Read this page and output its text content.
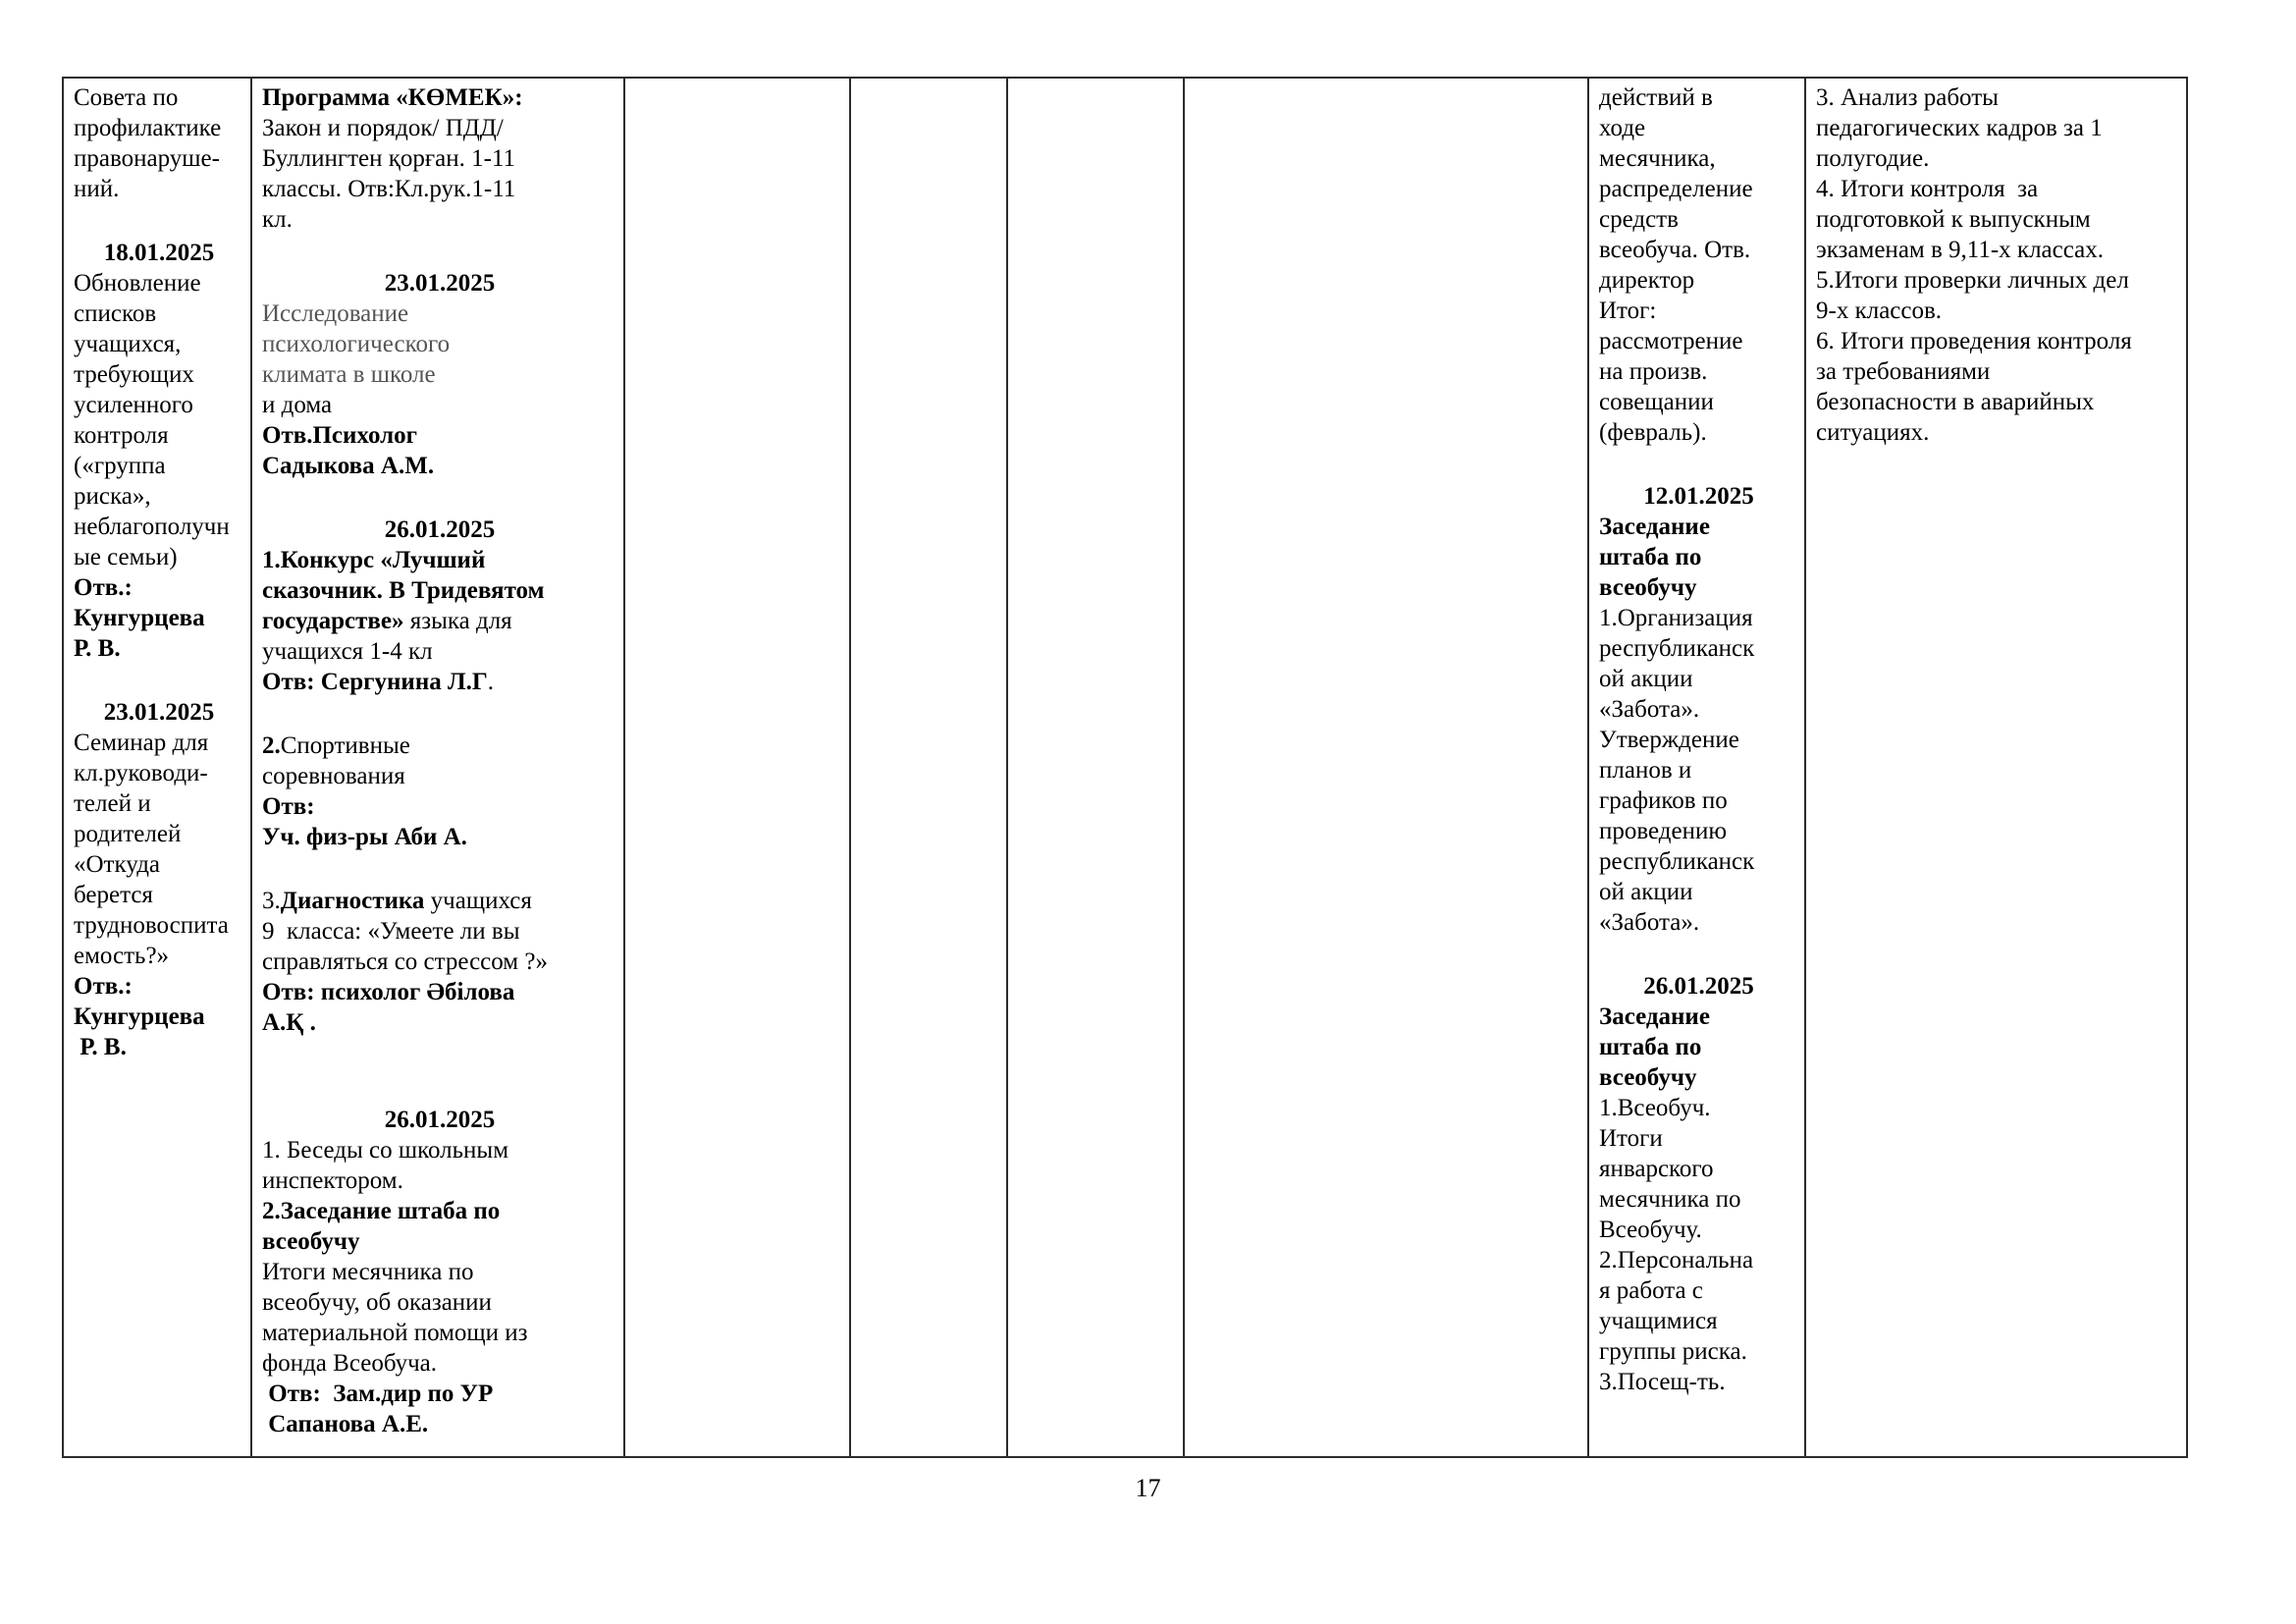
Совета по
профилактике
правонаруше-
ний.
18.01.2025
Обновление
списков
учащихся,
требующих
усиленного
контроля
(«группа
риска»,
неблагополучн
ые семьи)
Отв.:
Кунгурцева
Р. В.
23.01.2025
Семинар для
кл.руководи-
телей и
родителей
«Откуда
берется
трудновоспита
емость?»
Отв.:
Кунгурцева
Р. В.
Программа «КӨМЕК»:
Закон и порядок/ ПДД/
Буллингтен қорған. 1-11
классы. Отв:Кл.рук.1-11
кл.
23.01.2025
Исследование
психологического
климата в школе
и дома
Отв.Психолог
Садыкова А.М.
26.01.2025
1.Конкурс «Лучший
сказочник. В Тридевятом
государстве» языка для
учащихся 1-4 кл
Отв: Сергунина Л.Г.
2.Спортивные
соревнования
Отв:
Уч. физ-ры Аби А.
3.Диагностика учащихся
9  класса: «Умеете ли вы
справляться со стрессом ?»
Отв: психолог Әбілова
А.Қ .
26.01.2025
1. Беседы со школьным
инспектором.
2.Заседание штаба по
всеобучу
Итоги месячника по
всеобучу, об оказании
материальной помощи из
фонда Всеобуча.
Отв:  Зам.дир по УР
Сапанова А.Е.
действий в
ходе
месячника,
распределение
средств
всеобуча. Отв.
директор
Итог:
рассмотрение
на произв.
совещании
(февраль).
12.01.2025
Заседание
штаба по
всеобучу
1.Организация
республиканск
ой акции
«Забота».
Утверждение
планов и
графиков по
проведению
республиканск
ой акции
«Забота».
26.01.2025
Заседание
штаба по
всеобучу
1.Всеобуч.
Итоги
январского
месячника по
Всеобучу.
2.Персональна
я работа с
учащимися
группы риска.
3.Посещ-ть.
3. Анализ работы
педагогических кадров за 1
полугодие.
4. Итоги контроля  за
подготовкой к выпускным
экзаменам в 9,11-х классах.
5.Итоги проверки личных дел
9-х классов.
6. Итоги проведения контроля
за требованиями
безопасности в аварийных
ситуациях.
17
